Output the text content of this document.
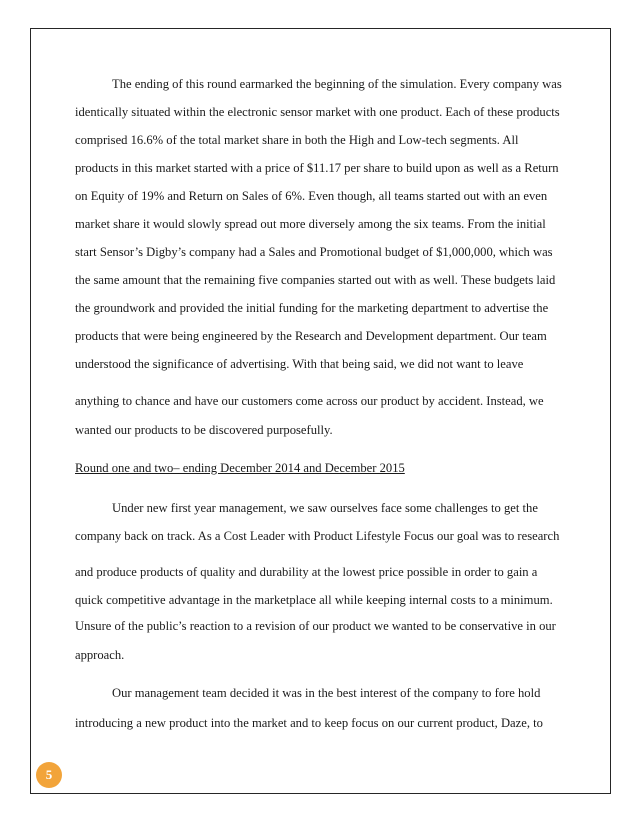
The ending of this round earmarked the beginning of the simulation. Every company was
identically situated within the electronic sensor market with one product. Each of these products
comprised 16.6% of the total market share in both the High and Low-tech segments. All
products in this market started with a price of $11.17 per share to build upon as well as a Return
on Equity of 19% and Return on Sales of 6%. Even though, all teams started out with an even
market share it would slowly spread out more diversely among the six teams. From the initial
start Sensor’s Digby’s company had a Sales and Promotional budget of $1,000,000, which was
the same amount that the remaining five companies started out with as well. These budgets laid
the groundwork and provided the initial funding for the marketing department to advertise the
products that were being engineered by the Research and Development department. Our team
understood the significance of advertising. With that being said, we did not want to leave
anything to chance and have our customers come across our product by accident. Instead, we
wanted our products to be discovered purposefully.
Round one and two– ending December 2014 and December 2015
Under new first year management, we saw ourselves face some challenges to get the
company back on track. As a Cost Leader with Product Lifestyle Focus our goal was to research
and produce products of quality and durability at the lowest price possible in order to gain a
quick competitive advantage in the marketplace all while keeping internal costs to a minimum.
Unsure of the public’s reaction to a revision of our product we wanted to be conservative in our
approach.
Our management team decided it was in the best interest of the company to fore hold
introducing a new product into the market and to keep focus on our current product, Daze, to
5
